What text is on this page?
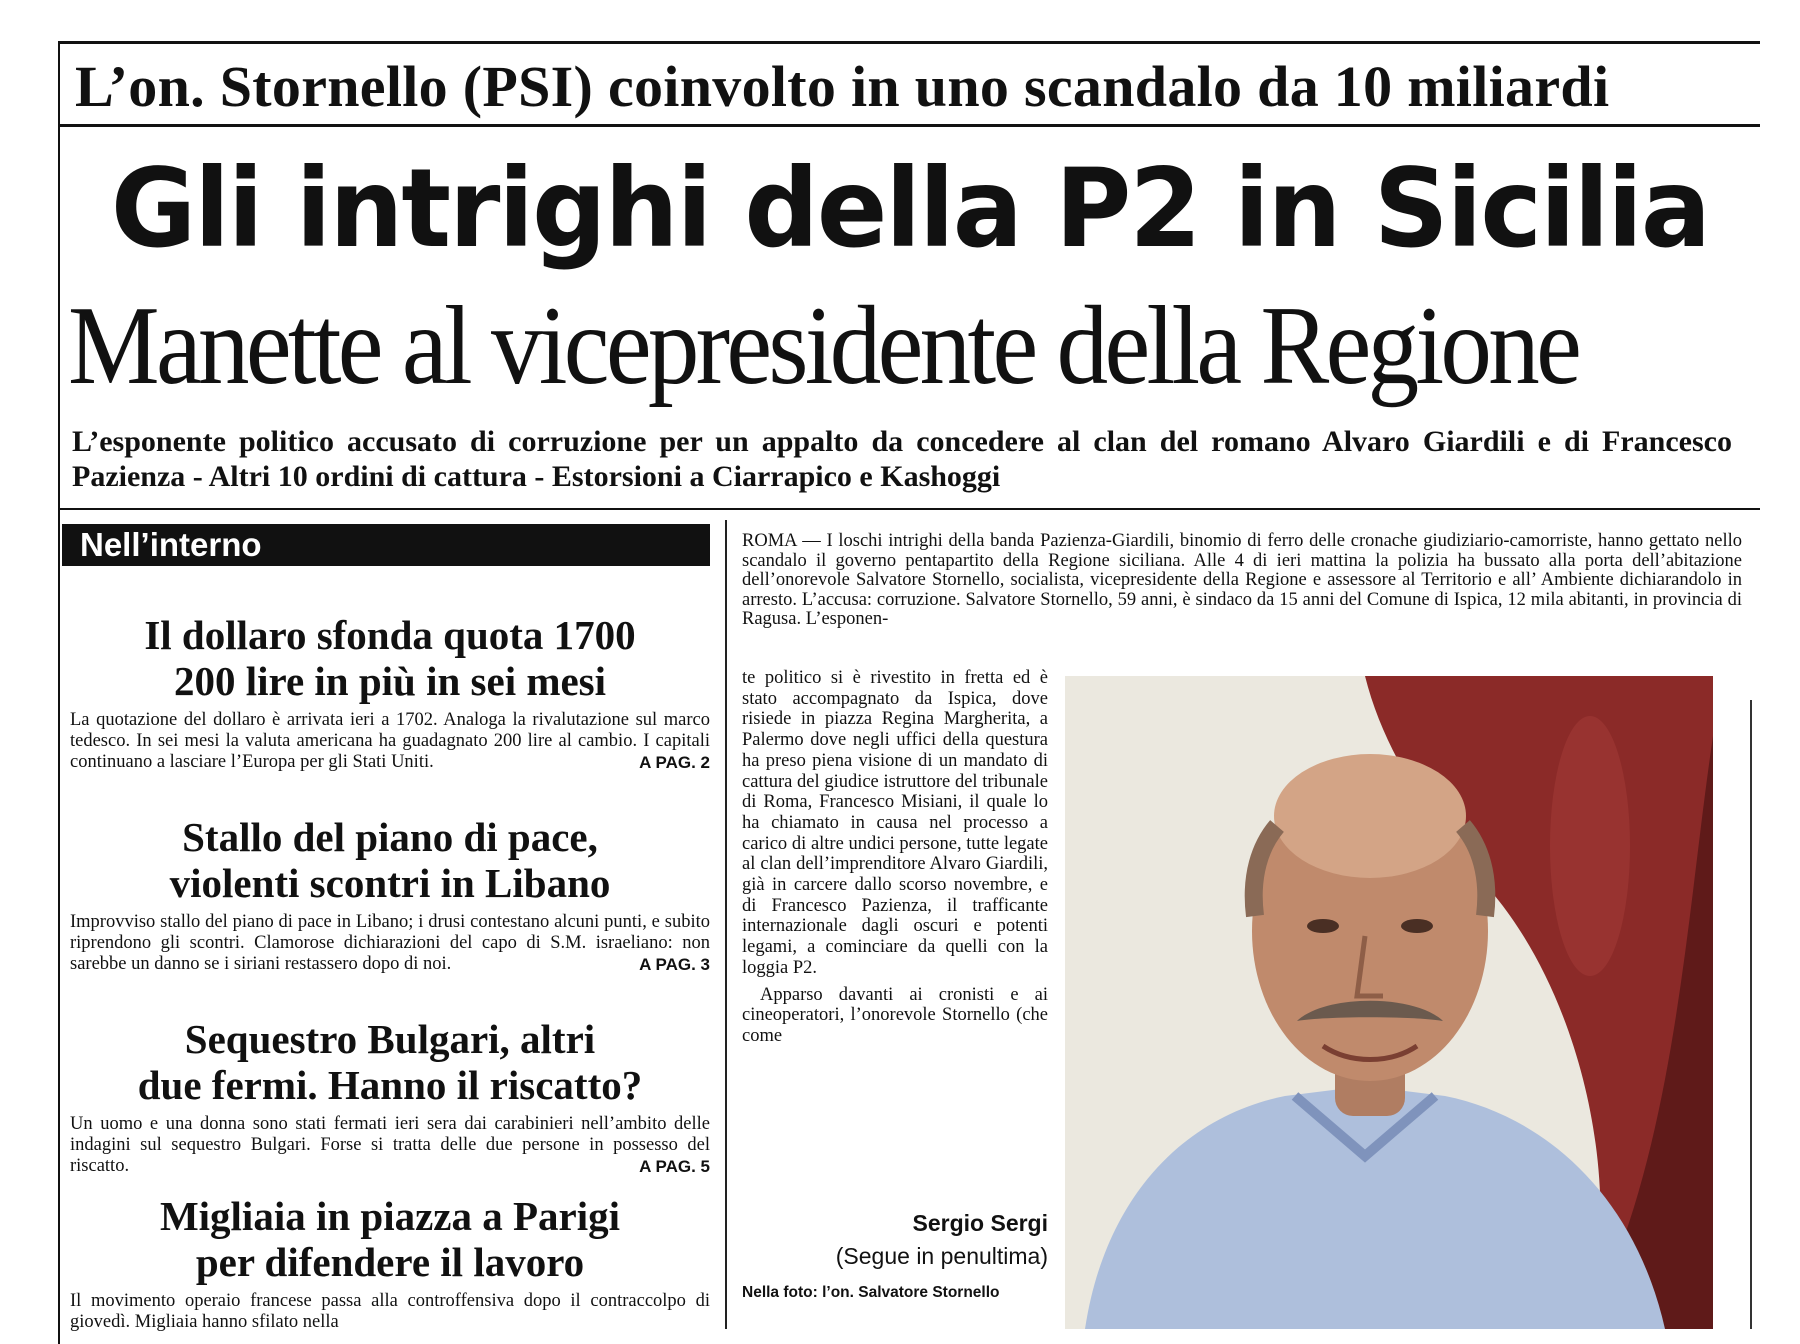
L’on. Stornello (PSI) coinvolto in uno scandalo da 10 miliardi
Gli intrighi della P2 in Sicilia
Manette al vicepresidente della Regione
L’esponente politico accusato di corruzione per un appalto da concedere al clan del romano Alvaro Giardili e di Francesco Pazienza - Altri 10 ordini di cattura - Estorsioni a Ciarrapico e Kashoggi
Nell’interno
Il dollaro sfonda quota 1700
200 lire in più in sei mesi
La quotazione del dollaro è arrivata ieri a 1702. Analoga la rivalutazione sul marco tedesco. In sei mesi la valuta americana ha guadagnato 200 lire al cambio. I capitali continuano a lasciare l’Europa per gli Stati Uniti.	A PAG. 2
Stallo del piano di pace,
violenti scontri in Libano
Improvviso stallo del piano di pace in Libano; i drusi contestano alcuni punti, e subito riprendono gli scontri. Clamorose dichiarazioni del capo di S.M. israeliano: non sarebbe un danno se i siriani restassero dopo di noi.	A PAG. 3
Sequestro Bulgari, altri
due fermi. Hanno il riscatto?
Un uomo e una donna sono stati fermati ieri sera dai carabinieri nell’ambito delle indagini sul sequestro Bulgari. Forse si tratta delle due persone in possesso del riscatto.	A PAG. 5
Migliaia in piazza a Parigi
per difendere il lavoro
Il movimento operaio francese passa alla controffensiva dopo il contraccolpo di giovedì. Migliaia hanno sfilato nella
ROMA — I loschi intrighi della banda Pazienza-Giardili, binomio di ferro delle cronache giudiziario-camorriste, hanno gettato nello scandalo il governo pentapartito della Regione siciliana. Alle 4 di ieri mattina la polizia ha bussato alla porta dell’abitazione dell’onorevole Salvatore Stornello, socialista, vicepresidente della Regione e assessore al Territorio e all’ Ambiente dichiarandolo in arresto. L’accusa: corruzione. Salvatore Stornello, 59 anni, è sindaco da 15 anni del Comune di Ispica, 12 mila abitanti, in provincia di Ragusa. L’esponen-

te politico si è rivestito in fretta ed è stato accompagnato da Ispica, dove risiede in piazza Regina Margherita, a Palermo dove negli uffici della questura ha preso piena visione di un mandato di cattura del giudice istruttore del tribunale di Roma, Francesco Misiani, il quale lo ha chiamato in causa nel processo a carico di altre undici persone, tutte legate al clan dell’imprenditore Alvaro Giardili, già in carcere dallo scorso novembre, e di Francesco Pazienza, il trafficante internazionale dagli oscuri e potenti legami, a cominciare da quelli con la loggia P2.

Apparso davanti ai cronisti e ai cineoperatori, l’onorevole Stornello (che come

Sergio Sergi
(Segue in penultima)
Nella foto: l’on. Salvatore Stornello
